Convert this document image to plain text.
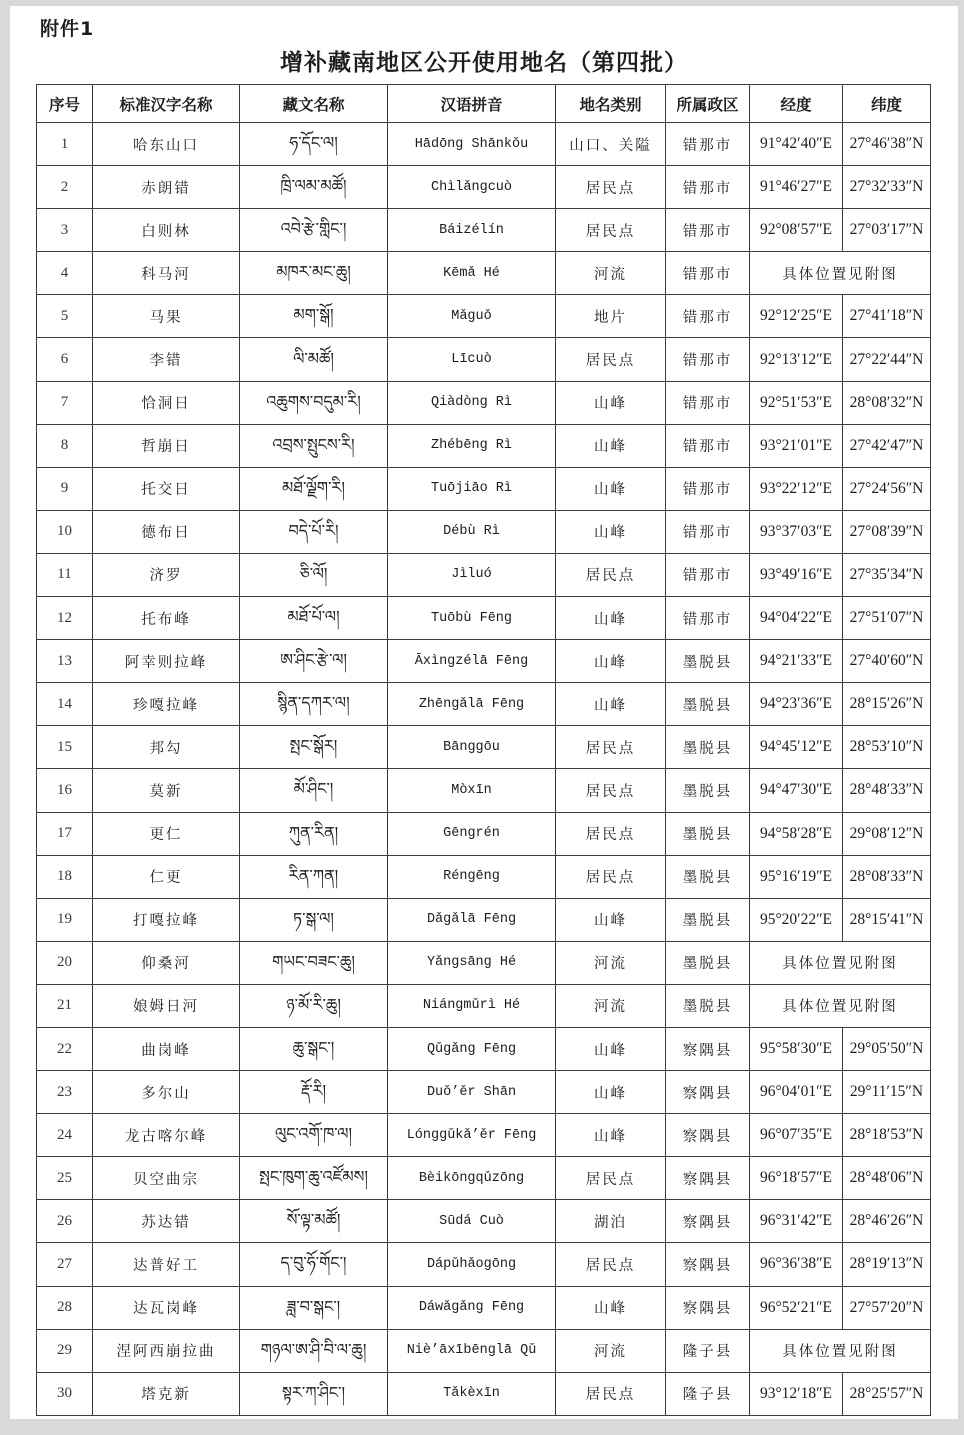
附件1
增补藏南地区公开使用地名（第四批）
序号	标准汉字名称	藏文名称	汉语拼音	地名类别	所属政区	经度	纬度
1	哈东山口	ཧ་དོང་ལ།	Hādōng Shānkǒu	山口、关隘	错那市	91°42′40″E	27°46′38″N
2	赤朗错	ཁྲི་ལམ་མཚོ།	Chìlǎngcuò	居民点	错那市	91°46′27″E	27°32′33″N
3	白则林	འབེ་རྩེ་གླིང་།	Báizélín	居民点	错那市	92°08′57″E	27°03′17″N
4	科马河	མཁར་མང་ཆུ།	Kēmǎ Hé	河流	错那市	具体位置见附图	
5	马果	མག་སྒོ།	Mǎguǒ	地片	错那市	92°12′25″E	27°41′18″N
6	李错	ལི་མཚོ།	Līcuò	居民点	错那市	92°13′12″E	27°22′44″N
7	恰洞日	འཆུགས་བདུམ་རི།	Qiàdòng Rì	山峰	错那市	92°51′53″E	28°08′32″N
8	哲崩日	འབྲས་སྤུངས་རི།	Zhébēng Rì	山峰	错那市	93°21′01″E	27°42′47″N
9	托交日	མཐོ་ལྗོག་རི།	Tuōjiāo Rì	山峰	错那市	93°22′12″E	27°24′56″N
10	德布日	བདེ་པོ་རི།	Débù Rì	山峰	错那市	93°37′03″E	27°08′39″N
11	济罗	ཅི་ལོ།	Jìluó	居民点	错那市	93°49′16″E	27°35′34″N
12	托布峰	མཐོ་པོ་ལ།	Tuōbù Fēng	山峰	错那市	94°04′22″E	27°51′07″N
13	阿幸则拉峰	ཨ་ཤིང་རྩེ་ལ།	Āxìngzélā Fēng	山峰	墨脱县	94°21′33″E	27°40′60″N
14	珍嘎拉峰	སྙིན་དཀར་ལ།	Zhēngǎlā Fēng	山峰	墨脱县	94°23′36″E	28°15′26″N
15	邦勾	སྤང་སྒོར།	Bānggōu	居民点	墨脱县	94°45′12″E	28°53′10″N
16	莫新	མོ་ཤིང་།	Mòxīn	居民点	墨脱县	94°47′30″E	28°48′33″N
17	更仁	ཀུན་རིན།	Gēngrén	居民点	墨脱县	94°58′28″E	29°08′12″N
18	仁更	རིན་ཀན།	Réngēng	居民点	墨脱县	95°16′19″E	28°08′33″N
19	打嘎拉峰	ཏ་སྒ་ལ།	Dǎgǎlā Fēng	山峰	墨脱县	95°20′22″E	28°15′41″N
20	仰桑河	གཡང་བཟང་ཆུ།	Yǎngsāng Hé	河流	墨脱县	具体位置见附图	
21	娘姆日河	ཉ་མོ་རི་ཆུ།	Niángmǔrì Hé	河流	墨脱县	具体位置见附图	
22	曲岗峰	ཆུ་སྒང་།	Qǔgǎng Fēng	山峰	察隅县	95°58′30″E	29°05′50″N
23	多尔山	རྡོ་རི།	Duǒ’ěr Shān	山峰	察隅县	96°04′01″E	29°11′15″N
24	龙古喀尔峰	ལུང་འགོ་ཁ་ལ།	Lónggǔkǎ’ěr Fēng	山峰	察隅县	96°07′35″E	28°18′53″N
25	贝空曲宗	སྤང་ཁུག་ཆུ་འཛོམས།	Bèikōngqǔzōng	居民点	察隅县	96°18′57″E	28°48′06″N
26	苏达错	སོ་ལྟ་མཚོ།	Sūdá Cuò	湖泊	察隅县	96°31′42″E	28°46′26″N
27	达普好工	ད་བུ་ཧོ་གོང་།	Dápǔhǎogōng	居民点	察隅县	96°36′38″E	28°19′13″N
28	达瓦岗峰	ཟླ་བ་སྒང་།	Dáwǎgǎng Fēng	山峰	察隅县	96°52′21″E	27°57′20″N
29	涅阿西崩拉曲	གཉལ་ཨ་ཤི་བི་ལ་ཆུ།	Niè’āxībēnglā Qǔ	河流	隆子县	具体位置见附图	
30	塔克新	སྟར་ཀ་ཤིང་།	Tǎkèxīn	居民点	隆子县	93°12′18″E	28°25′57″N
